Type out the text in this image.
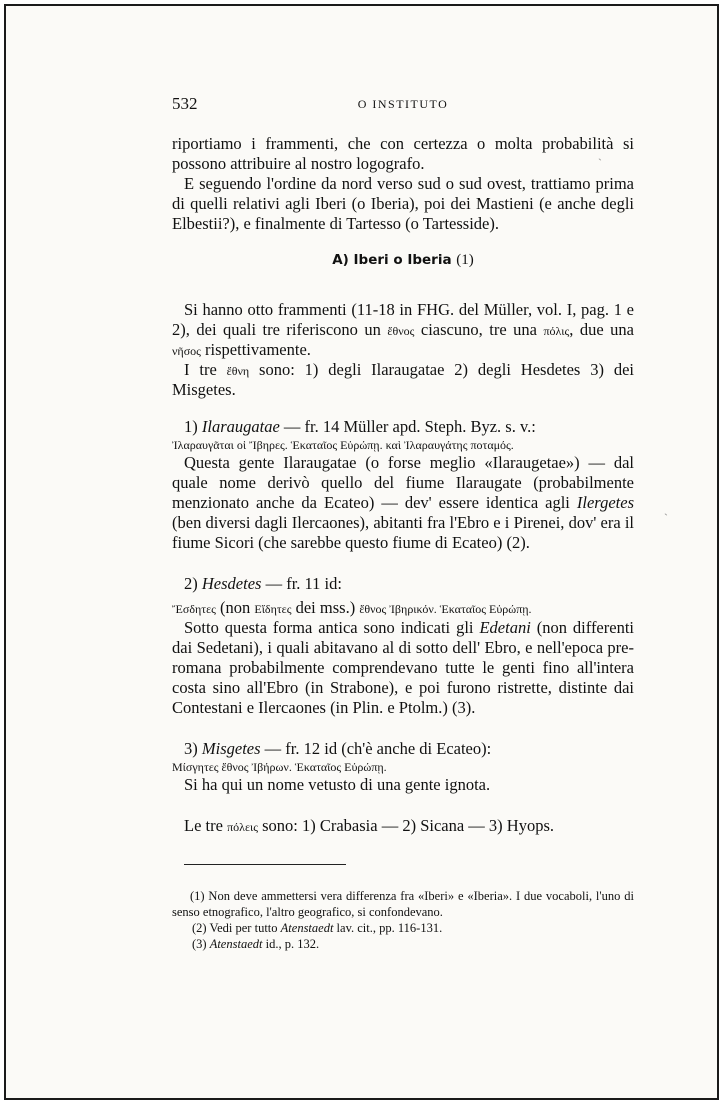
532	O INSTITUTO

riportiamo i frammenti, che con certezza o molta probabilità si possono attribuire al nostro logografo.

E seguendo l'ordine da nord verso sud o sud ovest, trattiamo prima di quelli relativi agli Iberi (o Iberia), poi dei Mastieni (e anche degli Elbestii?), e finalmente di Tartesso (o Tartesside).

A) Iberi o Iberia (1)

Si hanno otto frammenti (11-18 in FHG. del Müller, vol. I, pag. 1 e 2), dei quali tre riferiscono un ἔθνος ciascuno, tre una πόλις, due una νῆσος rispettivamente.

I tre ἔθνη sono: 1) degli Ilaraugatae 2) degli Hesdetes 3) dei Misgetes.

1) Ilaraugatae — fr. 14 Müller apd. Steph. Byz. s. v.:

Ἰλαραυγᾶται οἱ Ἴβηρες. Ἑκαταῖος Εὐρώπῃ. καὶ Ἰλαραυγάτης ποταμός.

Questa gente Ilaraugatae (o forse meglio «Ilaraugetae») — dal quale nome derivò quello del fiume Ilaraugate (probabilmente menzionato anche da Ecateo) — dev' essere identica agli Ilergetes (ben diversi dagli Ilercaones), abitanti fra l'Ebro e i Pirenei, dov' era il fiume Sicori (che sarebbe questo fiume di Ecateo) (2).

2) Hesdetes — fr. 11 id:

Ἔσδητες (non Εἴδητες dei mss.) ἔθνος Ἰβηρικόν. Ἑκαταῖος Εὐρώπῃ.

Sotto questa forma antica sono indicati gli Edetani (non differenti dai Sedetani), i quali abitavano al di sotto dell' Ebro, e nell'epoca pre-romana probabilmente comprendevano tutte le genti fino all'intera costa sino all'Ebro (in Strabone), e poi furono ristrette, distinte dai Contestani e Ilercaones (in Plin. e Ptolm.) (3).

3) Misgetes — fr. 12 id (ch'è anche di Ecateo):

Μίσγητες ἔθνος Ἰβήρων. Ἑκαταῖος Εὐρώπῃ.

Si ha qui un nome vetusto di una gente ignota.

Le tre πόλεις sono: 1) Crabasia — 2) Sicana — 3) Hyops.

(1) Non deve ammettersi vera differenza fra «Iberi» e «Iberia». I due vocaboli, l'uno di senso etnografico, l'altro geografico, si confondevano.

(2) Vedi per tutto Atenstaedt lav. cit., pp. 116-131.

(3) Atenstaedt id., p. 132.

`
`
